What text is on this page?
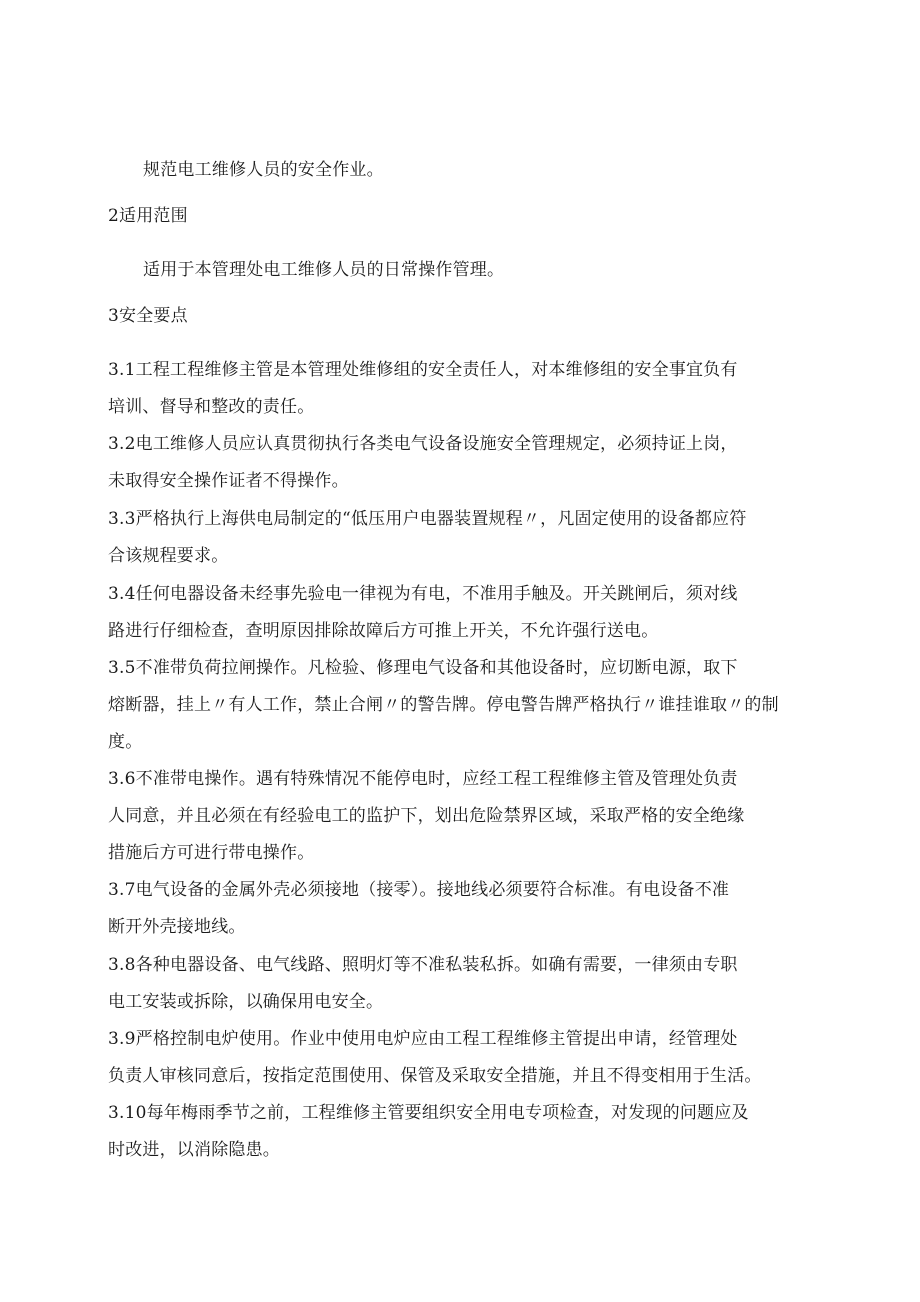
规范电工维修人员的安全作业。
2适用范围
适用于本管理处电工维修人员的日常操作管理。
3安全要点
3.1工程工程维修主管是本管理处维修组的安全责任人，对本维修组的安全事宜负有
培训、督导和整改的责任。
3.2电工维修人员应认真贯彻执行各类电气设备设施安全管理规定，必须持证上岗，
未取得安全操作证者不得操作。
3.3严格执行上海供电局制定的“低压用户电器装置规程〃，凡固定使用的设备都应符
合该规程要求。
3.4任何电器设备未经事先验电一律视为有电，不准用手触及。开关跳闸后，须对线
路进行仔细检查，查明原因排除故障后方可推上开关，不允许强行送电。
3.5不准带负荷拉闸操作。凡检验、修理电气设备和其他设备时，应切断电源，取下
熔断器，挂上〃有人工作，禁止合闸〃的警告牌。停电警告牌严格执行〃谁挂谁取〃的制
度。
3.6不准带电操作。遇有特殊情况不能停电时，应经工程工程维修主管及管理处负责
人同意，并且必须在有经验电工的监护下，划出危险禁界区域，采取严格的安全绝缘
措施后方可进行带电操作。
3.7电气设备的金属外壳必须接地（接零）。接地线必须要符合标准。有电设备不准
断开外壳接地线。
3.8各种电器设备、电气线路、照明灯等不准私装私拆。如确有需要，一律须由专职
电工安装或拆除，以确保用电安全。
3.9严格控制电炉使用。作业中使用电炉应由工程工程维修主管提出申请，经管理处
负责人审核同意后，按指定范围使用、保管及采取安全措施，并且不得变相用于生活。
3.10每年梅雨季节之前，工程维修主管要组织安全用电专项检查，对发现的问题应及
时改进，以消除隐患。
